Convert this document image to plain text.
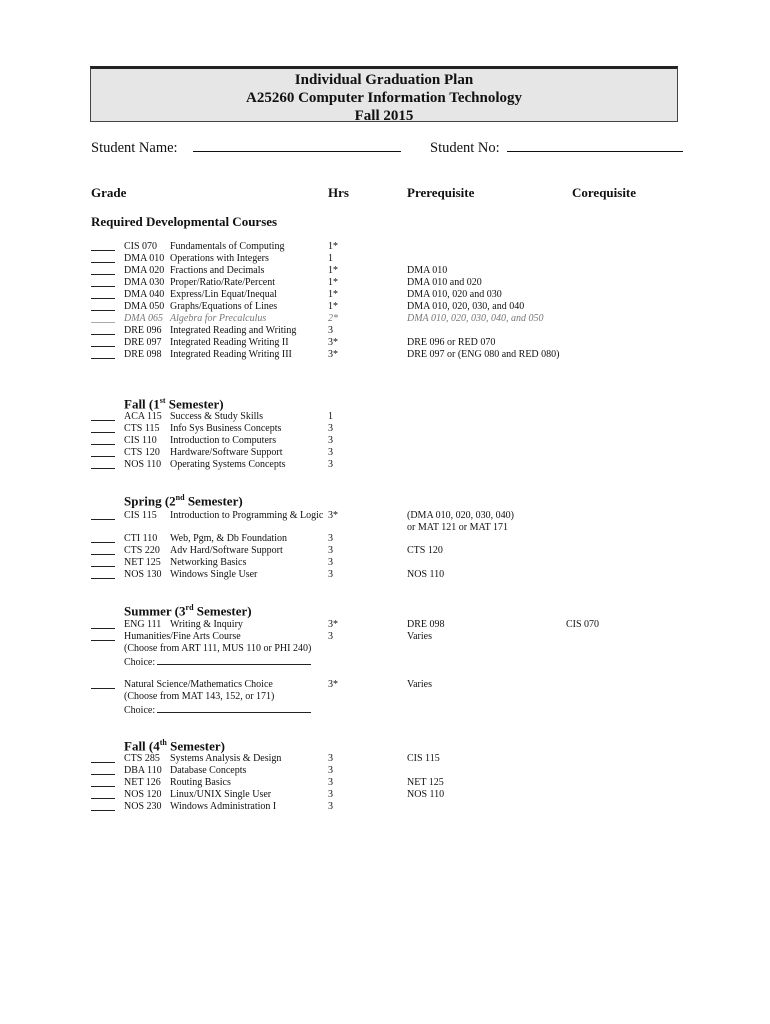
Individual Graduation Plan
A25260 Computer Information Technology
Fall 2015
Student Name:	Student No:
Grade	Hrs	Prerequisite	Corequisite
Required Developmental Courses
Fall (1st Semester)
Spring (2nd Semester)
Summer (3rd Semester)
Fall (4th Semester)
CIS 070 Fundamentals of Computing	1*
DMA 010 Operations with Integers	1
DMA 020 Fractions and Decimals	1*	DMA 010
DMA 030 Proper/Ratio/Rate/Percent	1*	DMA 010 and 020
DMA 040 Express/Lin Equat/Inequal	1*	DMA 010, 020 and 030
DMA 050 Graphs/Equations of Lines	1*	DMA 010, 020, 030, and 040
DMA 065 Algebra for Precalculus	2*	DMA 010, 020, 030, 040, and 050
DRE 096 Integrated Reading and Writing	3
DRE 097 Integrated Reading Writing II	3*	DRE 096 or RED 070
DRE 098 Integrated Reading Writing III	3*	DRE 097 or (ENG 080 and RED 080)
ACA 115 Success & Study Skills	1
CTS 115 Info Sys Business Concepts	3
CIS 110 Introduction to Computers	3
CTS 120 Hardware/Software Support	3
NOS 110 Operating Systems Concepts	3
CIS 115 Introduction to Programming & Logic 3*	(DMA 010, 020, 030, 040)
or MAT 121 or MAT 171
CTI 110 Web, Pgm, & Db Foundation	3
CTS 220 Adv Hard/Software Support	3	CTS 120
NET 125 Networking Basics	3
NOS 130 Windows Single User	3	NOS 110
CTS 285 Systems Analysis & Design	3	CIS 115
DBA 110 Database Concepts	3
NET 126 Routing Basics	3	NET 125
NOS 120 Linux/UNIX Single User	3	NOS 110
NOS 230 Windows Administration I	3
ENG 111 Writing & Inquiry	3*	DRE 098	CIS 070
Humanities/Fine Arts Course	3	Varies
(Choose from ART 111, MUS 110 or PHI 240)
Choice:
Natural Science/Mathematics Choice	3*	Varies
(Choose from MAT 143, 152, or 171)
Choice:
